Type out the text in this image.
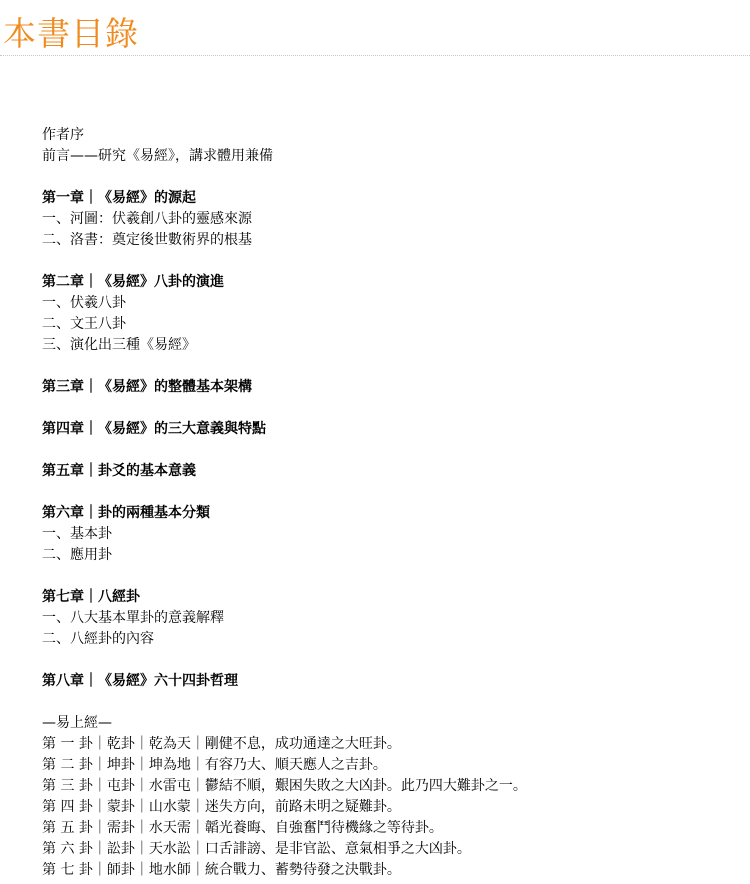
本書目錄
作者序
前言——研究《易經》，講求體用兼備
第一章｜《易經》的源起
一、河圖：伏羲創八卦的靈感來源
二、洛書：奠定後世數術界的根基
第二章｜《易經》八卦的演進
一、伏羲八卦
二、文王八卦
三、演化出三種《易經》
第三章｜《易經》的整體基本架構
第四章｜《易經》的三大意義與特點
第五章｜卦爻的基本意義
第六章｜卦的兩種基本分類
一、基本卦
二、應用卦
第七章｜八經卦
一、八大基本單卦的意義解釋
二、八經卦的內容
第八章｜《易經》六十四卦哲理
—易上經—
第 一 卦｜乾卦｜乾為天｜剛健不息，成功通達之大旺卦。
第 二 卦｜坤卦｜坤為地｜有容乃大、順天應人之吉卦。
第 三 卦｜屯卦｜水雷屯｜鬱結不順，艱困失敗之大凶卦。此乃四大難卦之一。
第 四 卦｜蒙卦｜山水蒙｜迷失方向，前路未明之疑難卦。
第 五 卦｜需卦｜水天需｜韜光養晦、自強奮鬥待機緣之等待卦。
第 六 卦｜訟卦｜天水訟｜口舌誹謗、是非官訟、意氣相爭之大凶卦。
第 七 卦｜師卦｜地水師｜統合戰力、蓄勢待發之決戰卦。
